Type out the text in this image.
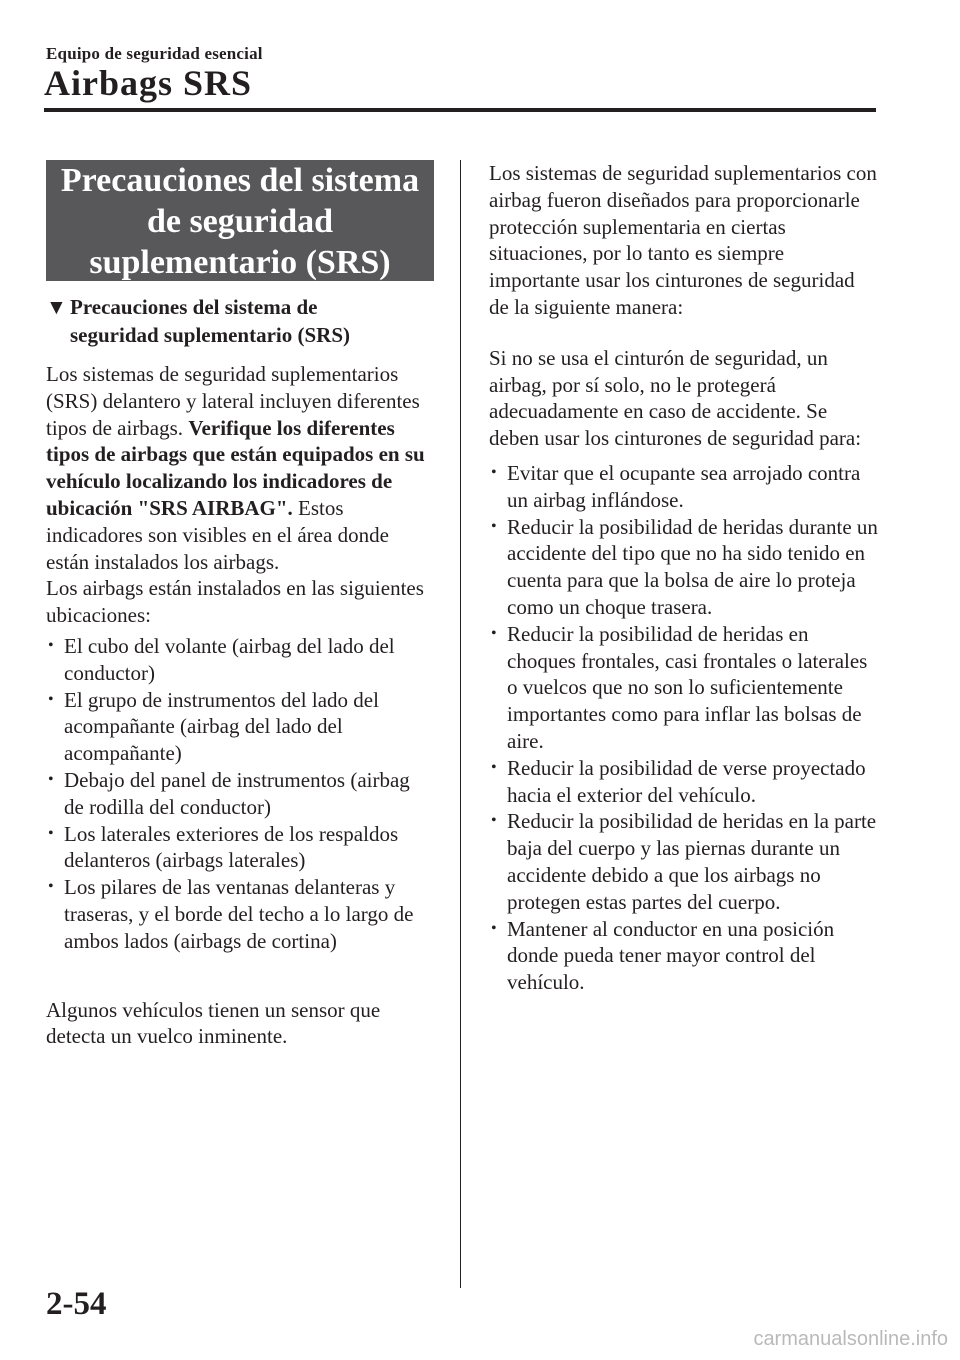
Equipo de seguridad esencial
Airbags SRS
Precauciones del sistema
de seguridad
suplementario (SRS)
▼ Precauciones del sistema de
seguridad suplementario (SRS)

Los sistemas de seguridad suplementarios (SRS) delantero y lateral incluyen diferentes tipos de airbags. Verifique los diferentes tipos de airbags que están equipados en su vehículo localizando los indicadores de ubicación "SRS AIRBAG". Estos indicadores son visibles en el área donde están instalados los airbags.

Los airbags están instalados en las siguientes ubicaciones:

• El cubo del volante (airbag del lado del conductor)
• El grupo de instrumentos del lado del acompañante (airbag del lado del acompañante)
• Debajo del panel de instrumentos (airbag de rodilla del conductor)
• Los laterales exteriores de los respaldos delanteros (airbags laterales)
• Los pilares de las ventanas delanteras y traseras, y el borde del techo a lo largo de ambos lados (airbags de cortina)

Algunos vehículos tienen un sensor que detecta un vuelco inminente.

Los sistemas de seguridad suplementarios con airbag fueron diseñados para proporcionarle protección suplementaria en ciertas situaciones, por lo tanto es siempre importante usar los cinturones de seguridad de la siguiente manera:

Si no se usa el cinturón de seguridad, un airbag, por sí solo, no le protegerá adecuadamente en caso de accidente. Se deben usar los cinturones de seguridad para:

• Evitar que el ocupante sea arrojado contra un airbag inflándose.
• Reducir la posibilidad de heridas durante un accidente del tipo que no ha sido tenido en cuenta para que la bolsa de aire lo proteja como un choque trasera.
• Reducir la posibilidad de heridas en choques frontales, casi frontales o laterales o vuelcos que no son lo suficientemente importantes como para inflar las bolsas de aire.
• Reducir la posibilidad de verse proyectado hacia el exterior del vehículo.
• Reducir la posibilidad de heridas en la parte baja del cuerpo y las piernas durante un accidente debido a que los airbags no protegen estas partes del cuerpo.
• Mantener al conductor en una posición donde pueda tener mayor control del vehículo.
2-54
carmanualsonline.info
